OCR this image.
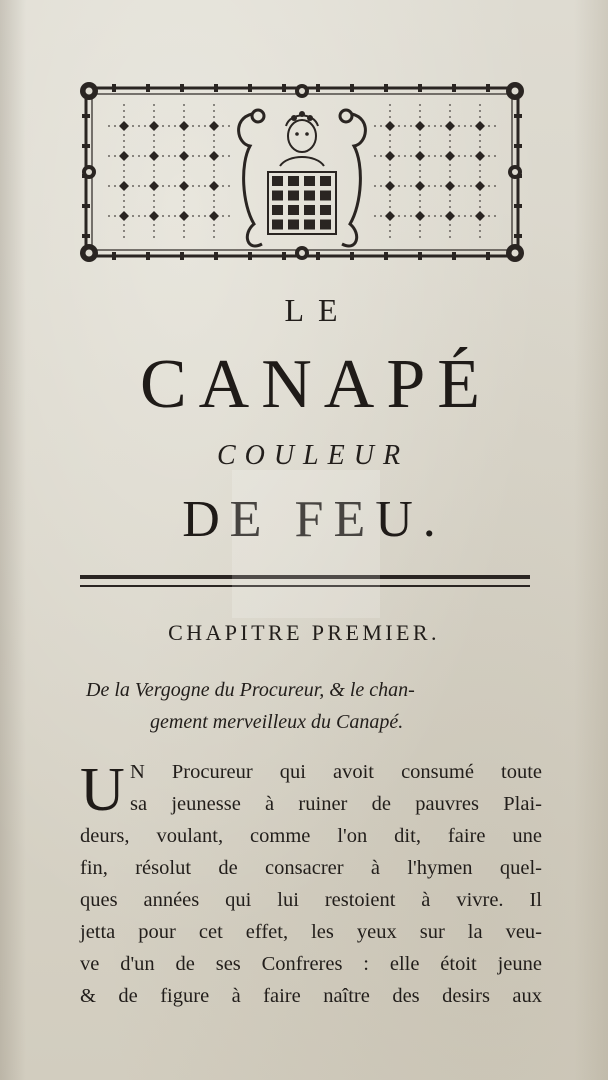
LE
CANAPÉ
COULEUR
DE FEU.
CHAPITRE PREMIER.
De la Vergogne du Procureur, & le chan-
gement merveilleux du Canapé.
U N Procureur qui avoit consumé toute
sa jeunesse à ruiner de pauvres Plai-
deurs, voulant, comme l'on dit, faire une
fin, résolut de consacrer à l'hymen quel-
ques années qui lui restoient à vivre. Il
jetta pour cet effet, les yeux sur la veu-
ve d'un de ses Confreres : elle étoit jeune
& de figure à faire naître des desirs aux
